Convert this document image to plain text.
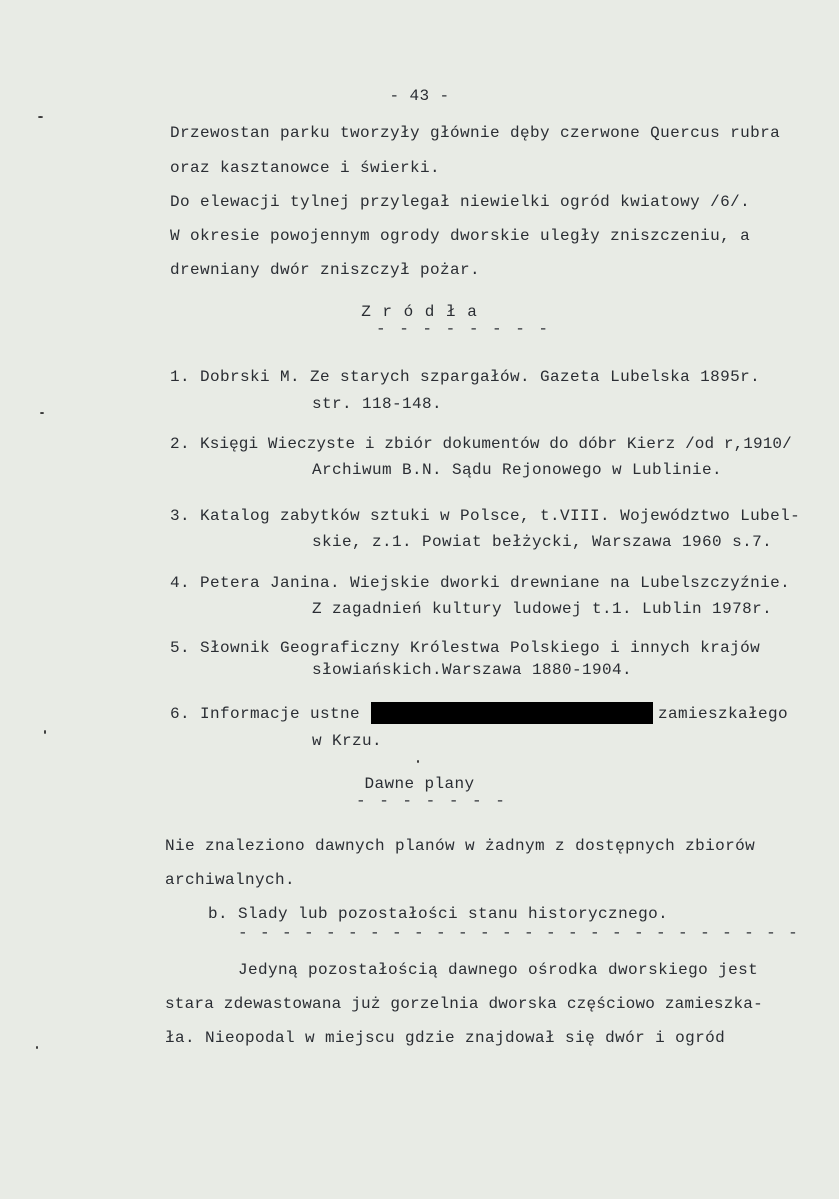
- 43 -
Drzewostan parku tworzyły głównie dęby czerwone Quercus rubra
oraz kasztanowce i świerki.
Do elewacji tylnej przylegał niewielki ogród kwiatowy /6/.
W okresie powojennym ogrody dworskie uległy zniszczeniu, a
drewniany dwór zniszczył pożar.
Z r ó d ł a
- - - - - - - -
1. Dobrski M. Ze starych szpargałów. Gazeta Lubelska 1895r.
str. 118-148.
2. Księgi Wieczyste i zbiór dokumentów do dóbr Kierz /od r,1910/
Archiwum B.N. Sądu Rejonowego w Lublinie.
3. Katalog zabytków sztuki w Polsce, t.VIII. Województwo Lubel-
skie, z.1. Powiat bełżycki, Warszawa 1960 s.7.
4. Petera Janina. Wiejskie dworki drewniane na Lubelszczyźnie.
Z zagadnień kultury ludowej t.1. Lublin 1978r.
5. Słownik Geograficzny Królestwa Polskiego i innych krajów
słowiańskich.Warszawa 1880-1904.
6. Informacje ustne	zamieszkałego
w Krzu.
Dawne plany
- - - - - - -
Nie znaleziono dawnych planów w żadnym z dostępnych zbiorów
archiwalnych.
b. Slady lub pozostałości stanu historycznego.
- - - - - - - - - - - - - - - - - - - - - - - - - -
Jedyną pozostałością dawnego ośrodka dworskiego jest
stara zdewastowana już gorzelnia dworska częściowo zamieszka-
ła. Nieopodal w miejscu gdzie znajdował się dwór i ogród
